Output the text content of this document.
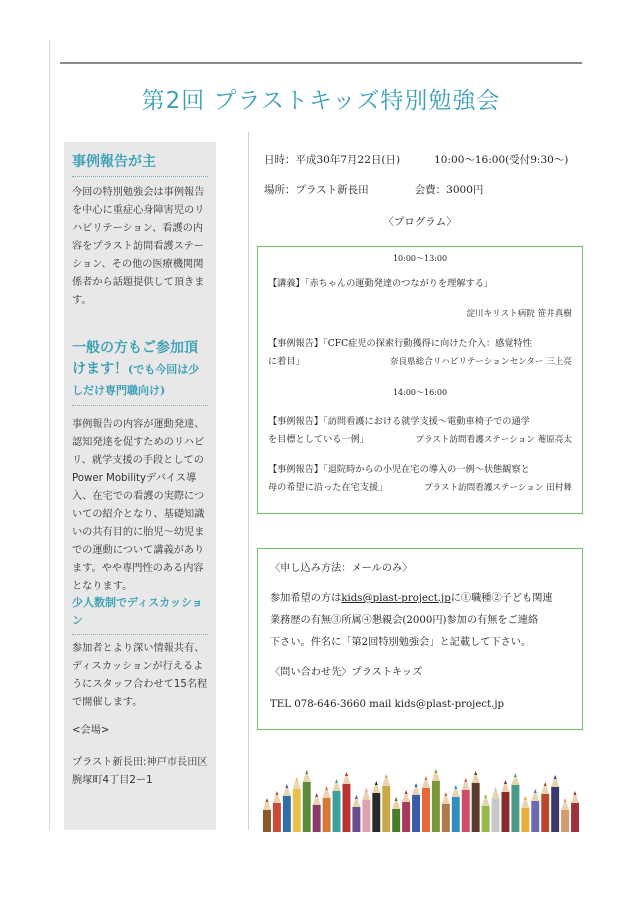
第2回 プラストキッズ特別勉強会
事例報告が主
今回の特別勉強会は事例報告を中心に重症心身障害児のリハビリテーション、看護の内容をプラスト訪問看護ステーション、その他の医療機関関係者から話題提供して頂きます。
一般の方もご参加頂けます！(でも今回は少しだけ専門職向け)
事例報告の内容が運動発達、認知発達を促すためのリハビリ、就学支援の手段としてのPower Mobilityデバイス導入、在宅での看護の実際についての紹介となり、基礎知識いの共有目的に胎児〜幼児までの運動について講義があります。やや専門性のある内容となります。
少人数制でディスカッション
参加者とより深い情報共有、ディスカッションが行えるようにスタッフ合わせて15名程で開催します。
<会場>
プラスト新長田:神戸市長田区腕塚町4丁目2ー1
日時：平成30年7月22日(日)	10:00〜16:00(受付9:30〜)
場所：プラスト新長田	会費：3000円
〈プログラム〉
10:00〜13:00
【講義】「赤ちゃんの運動発達のつながりを理解する」
淀川キリスト病院 笹井真樹
【事例報告】「CFC症児の探索行動獲得に向けた介入：感覚特性
に着目」	奈良県総合リハビリテーションセンター 三上亮
14:00〜16:00
【事例報告】「訪問看護における就学支援〜電動車椅子での通学
を目標としている一例」	プラスト訪問看護ステーション 菴原亮太
【事例報告】「退院時からの小児在宅の導入の一例〜状態観察と
母の希望に沿った在宅支援」	プラスト訪問看護ステーション 田村舞
〈申し込み方法：メールのみ〉
参加希望の方はkids@plast-project.jpに①職種②子ども関連
業務歴の有無③所属④懇親会(2000円)参加の有無をご連絡
下さい。件名に「第2回特別勉強会」と記載して下さい。
〈問い合わせ先〉プラストキッズ
TEL 078-646-3660 mail kids@plast-project.jp
